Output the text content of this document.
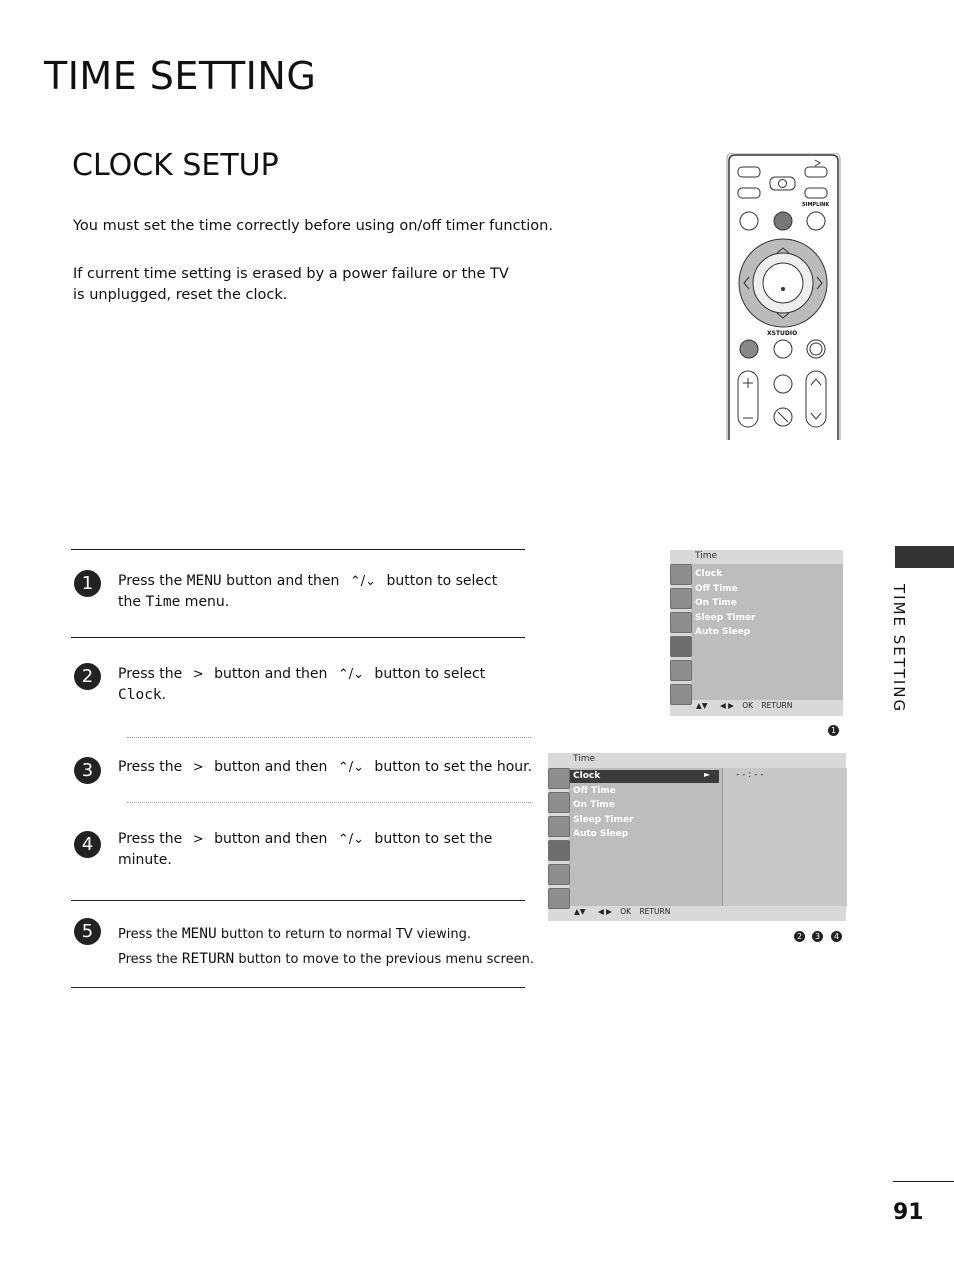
TIME SETTING
CLOCK SETUP
You must set the time correctly before using on/off timer function.
If current time setting is erased by a power failure or the TV is unplugged, reset the clock.
TIME SETTING
SIMPLINK
XSTUDIO
1	Press the MENU button and then ⌃/⌄ button to select the Time menu.
2	Press the > button and then ⌃/⌄ button to select Clock.
3	Press the > button and then ⌃/⌄ button to set the hour.
4	Press the > button and then ⌃/⌄ button to set the minute.
5	Press the MENU button to return to normal TV viewing.
Press the RETURN button to move to the previous menu screen.
Time
Clock
Off Time
On Time
Sleep Timer
Auto Sleep
▲▼ ◀ ▶ OK RETURN
1
Time
►
Clock
Off Time
On Time
Sleep Timer
Auto Sleep
- - : - -
▲▼ ◀ ▶ OK RETURN
2	3	4
91
